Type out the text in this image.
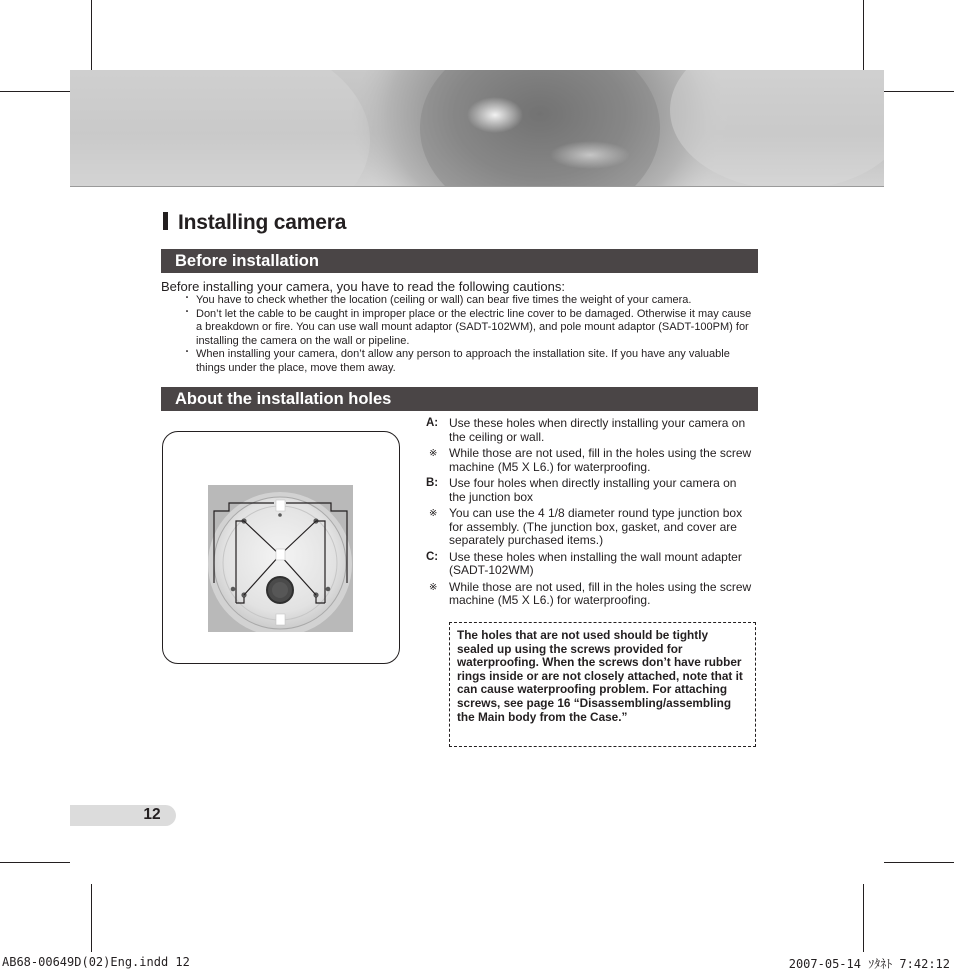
Installing camera
Before installation
Before installing your camera, you have to read the following cautions:
・ You have to check whether the location (ceiling or wall) can bear five times the weight of your camera.
・ Don’t let the cable to be caught in improper place or the electric line cover to be damaged. Otherwise it may cause a breakdown or fire. You can use wall mount adaptor (SADT-102WM), and pole mount adaptor (SADT-100PM) for installing the camera on the wall or pipeline.
・ When installing your camera, don’t allow any person to approach the installation site. If you have any valuable things under the place, move them away.
About the installation holes
A: Use these holes when directly installing your camera on the ceiling or wall.
※ While those are not used, fill in the holes using the screw machine (M5 X L6.) for waterproofing.
B: Use four holes when directly installing your camera on the junction box
※ You can use the 4 1/8 diameter round type junction box for assembly. (The junction box, gasket, and cover are separately purchased items.)
C: Use these holes when installing the wall mount adapter (SADT-102WM)
※ While those are not used, fill in the holes using the screw machine (M5 X L6.) for waterproofing.
The holes that are not used should be tightly sealed up using the screws provided for waterproofing. When the screws don’t have rubber rings inside or are not closely attached, note that it can cause waterproofing problem. For attaching screws, see page 16 “Disassembling/assembling the Main body from the Case.”
12
AB68-00649D(02)Eng.indd 12	2007-05-14 ｿﾀﾈﾄ 7:42:12
